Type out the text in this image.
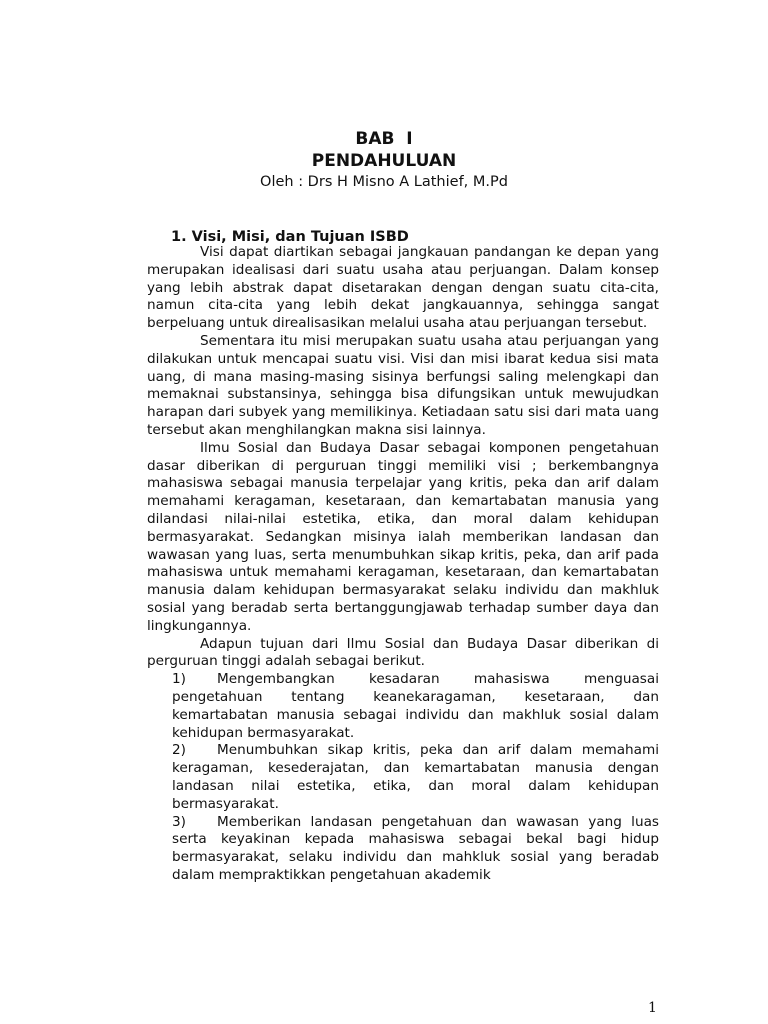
BAB  I
PENDAHULUAN
Oleh : Drs H Misno A Lathief, M.Pd
1. Visi, Misi, dan Tujuan ISBD

Visi dapat diartikan sebagai jangkauan pandangan ke depan yang merupakan idealisasi dari suatu usaha atau perjuangan. Dalam konsep yang lebih abstrak dapat disetarakan dengan dengan suatu cita-cita, namun cita-cita yang lebih dekat jangkauannya, sehingga sangat berpeluang untuk direalisasikan melalui usaha atau perjuangan tersebut.

Sementara itu misi merupakan suatu usaha atau perjuangan yang dilakukan untuk mencapai suatu visi. Visi dan misi ibarat kedua sisi mata uang, di mana masing-masing sisinya berfungsi saling melengkapi dan memaknai substansinya, sehingga bisa difungsikan untuk mewujudkan harapan dari subyek yang memilikinya. Ketiadaan satu sisi dari mata uang tersebut akan menghilangkan makna sisi lainnya.

Ilmu Sosial dan Budaya Dasar sebagai komponen pengetahuan dasar diberikan di perguruan tinggi memiliki visi ; berkembangnya mahasiswa sebagai manusia terpelajar yang kritis, peka dan arif dalam memahami keragaman, kesetaraan, dan kemartabatan manusia yang dilandasi nilai-nilai estetika, etika, dan moral dalam kehidupan bermasyarakat. Sedangkan misinya ialah memberikan landasan dan wawasan yang luas, serta menumbuhkan sikap kritis, peka, dan arif pada mahasiswa untuk memahami keragaman, kesetaraan, dan kemartabatan manusia dalam kehidupan bermasyarakat selaku individu dan makhluk sosial yang beradab serta bertanggungjawab terhadap sumber daya dan lingkungannya.

Adapun tujuan dari Ilmu Sosial dan Budaya Dasar diberikan di perguruan tinggi adalah sebagai berikut.

1) Mengembangkan kesadaran mahasiswa menguasai pengetahuan tentang keanekaragaman, kesetaraan, dan kemartabatan manusia sebagai individu dan makhluk sosial dalam kehidupan bermasyarakat.
2) Menumbuhkan sikap kritis, peka dan arif dalam memahami keragaman, kesederajatan, dan kemartabatan manusia dengan landasan nilai estetika, etika, dan moral dalam kehidupan bermasyarakat.
3) Memberikan landasan pengetahuan dan wawasan yang luas serta keyakinan kepada mahasiswa sebagai bekal bagi hidup bermasyarakat, selaku individu dan mahkluk sosial yang beradab dalam mempraktikkan pengetahuan akademik
1
